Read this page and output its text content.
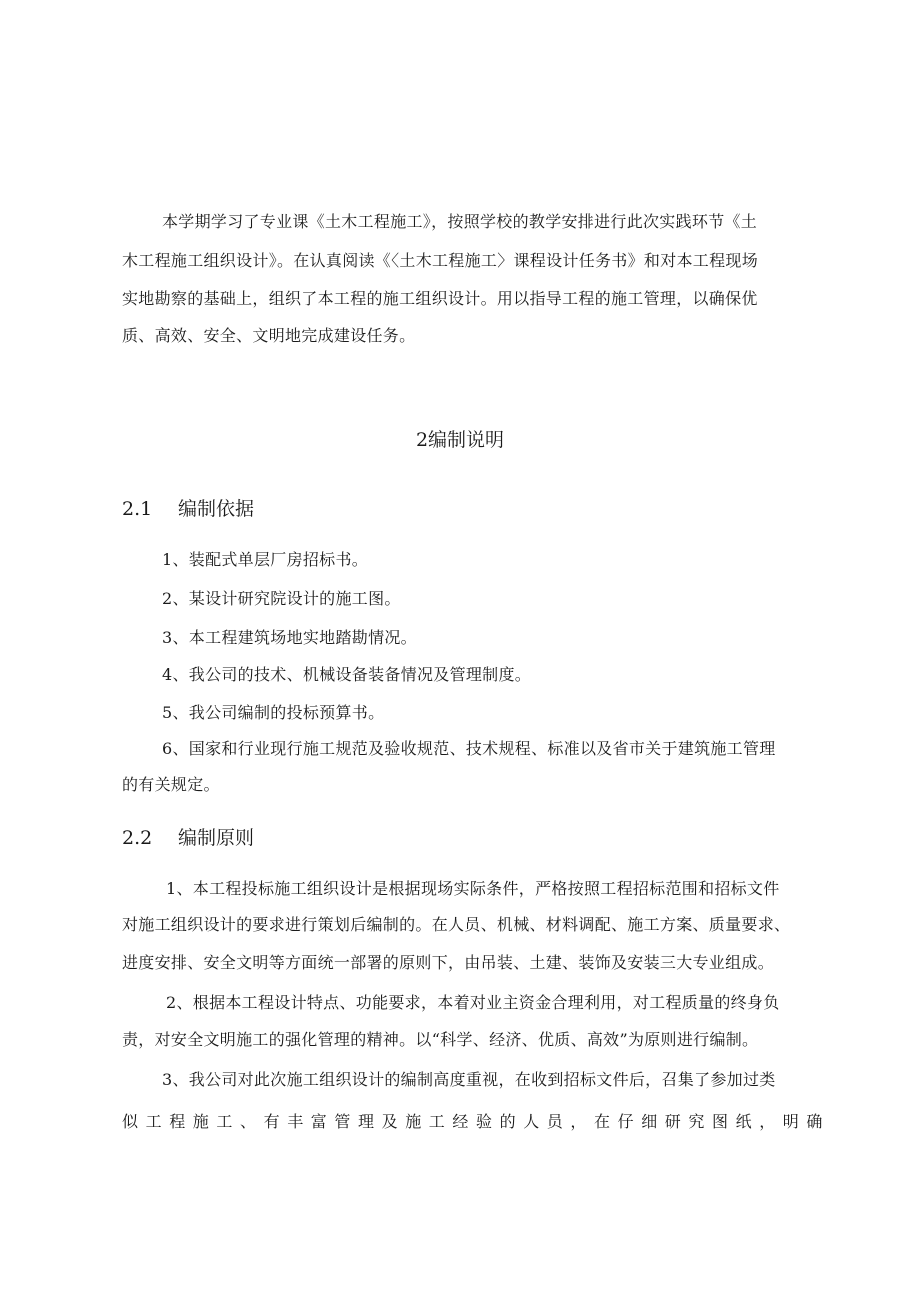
本学期学习了专业课《土木工程施工》，按照学校的教学安排进行此次实践环节《土
木工程施工组织设计》。在认真阅读《〈土木工程施工〉课程设计任务书》和对本工程现场
实地勘察的基础上，组织了本工程的施工组织设计。用以指导工程的施工管理，以确保优
质、高效、安全、文明地完成建设任务。
2编制说明
2.1 编制依据
1、装配式单层厂房招标书。
2、某设计研究院设计的施工图。
3、本工程建筑场地实地踏勘情况。
4、我公司的技术、机械设备装备情况及管理制度。
5、我公司编制的投标预算书。
6、国家和行业现行施工规范及验收规范、技术规程、标准以及省市关于建筑施工管理
的有关规定。
2.2 编制原则
1、本工程投标施工组织设计是根据现场实际条件，严格按照工程招标范围和招标文件
对施工组织设计的要求进行策划后编制的。在人员、机械、材料调配、施工方案、质量要求、
进度安排、安全文明等方面统一部署的原则下，由吊装、土建、装饰及安装三大专业组成。
2、根据本工程设计特点、功能要求，本着对业主资金合理利用，对工程质量的终身负
责，对安全文明施工的强化管理的精神。以“科学、经济、优质、高效”为原则进行编制。
3、我公司对此次施工组织设计的编制高度重视，在收到招标文件后，召集了参加过类
似工程施工、有丰富管理及施工经验的人员，在仔细研究图纸，明确
